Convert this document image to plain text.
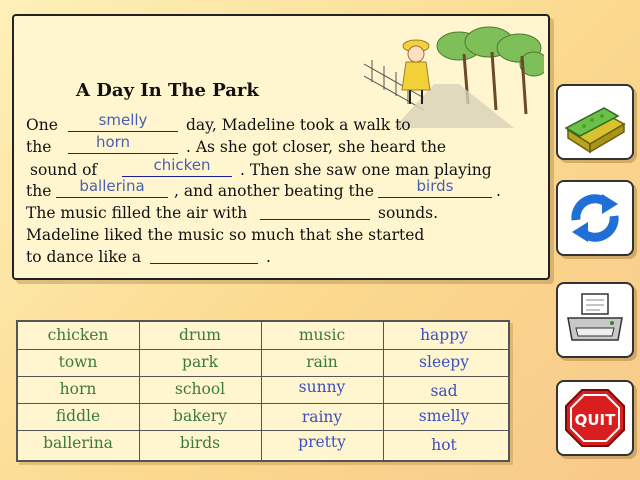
A Day In The Park
One	smelly	day, Madeline took a walk to
the	horn	. As she got closer, she heard the
sound of	chicken	. Then she saw one man playing
the	ballerina	, and another beating the	birds	.
The music filled the air with	sounds.
Madeline liked the music so much that she started
to dance like a	.
chicken	drum	music	happy
town	park	rain	sleepy
horn	school	sunny	sad
fiddle	bakery	rainy	smelly
ballerina	birds	pretty	hot
QUIT
